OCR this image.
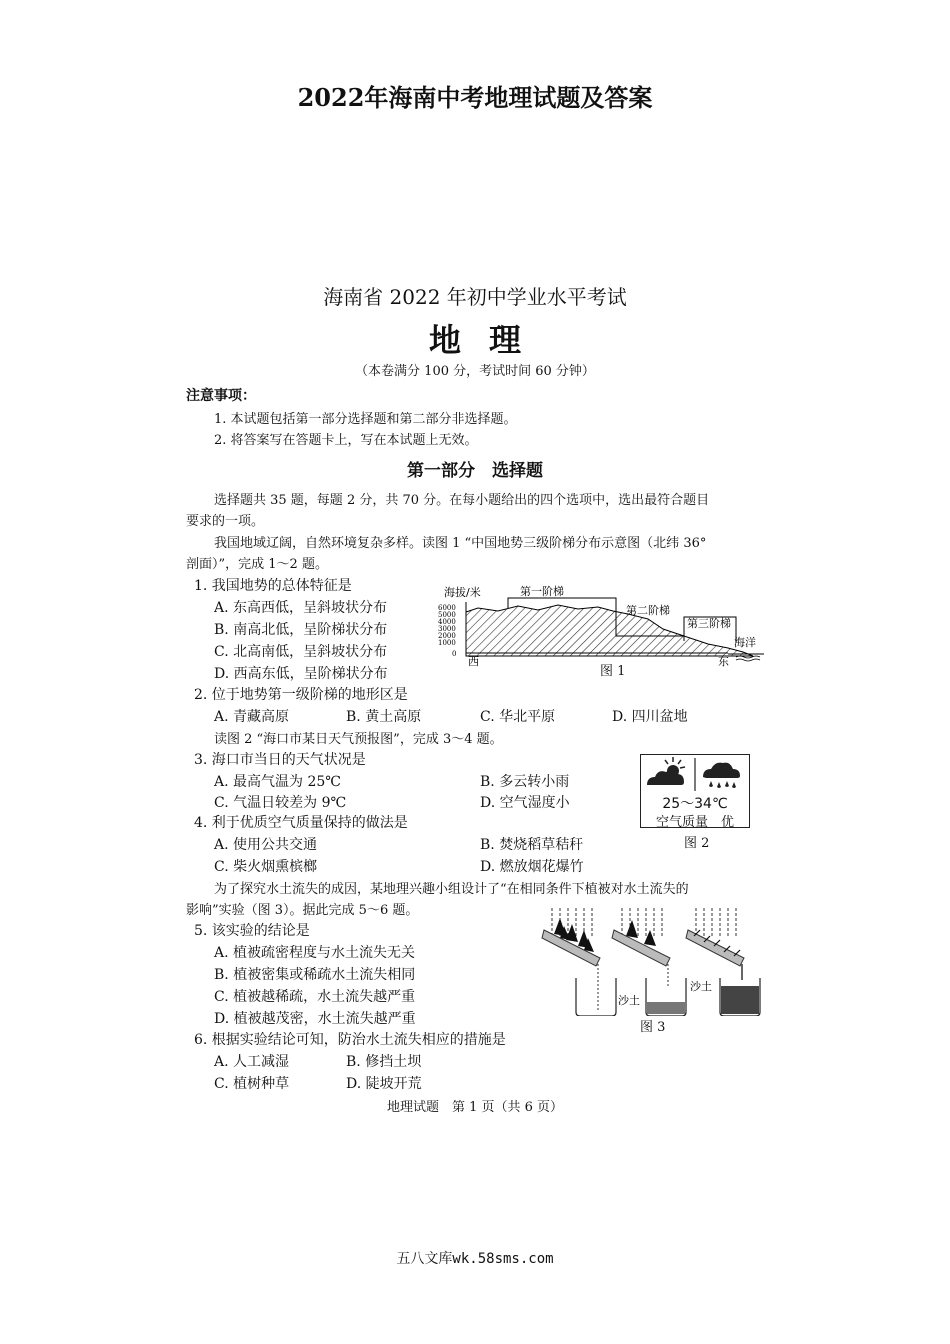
2022年海南中考地理试题及答案
海南省 2022 年初中学业水平考试
地理
（本卷满分 100 分，考试时间 60 分钟）
注意事项：
1. 本试题包括第一部分选择题和第二部分非选择题。
2. 将答案写在答题卡上，写在本试题上无效。
第一部分　选择题
选择题共 35 题，每题 2 分，共 70 分。在每小题给出的四个选项中，选出最符合题目
要求的一项。
我国地域辽阔，自然环境复杂多样。读图 1 “中国地势三级阶梯分布示意图（北纬 36°
剖面）”，完成 1～2 题。
1. 我国地势的总体特征是
A. 东高西低，呈斜坡状分布
B. 南高北低，呈阶梯状分布
C. 北高南低，呈斜坡状分布
D. 西高东低，呈阶梯状分布
海拔/米
6000
5000
4000
3000
2000
1000
0
第一阶梯
第二阶梯
第三阶梯
海洋
西	东
图 1
2. 位于地势第一级阶梯的地形区是
A. 青藏高原	B. 黄土高原	C. 华北平原	D. 四川盆地
读图 2 “海口市某日天气预报图”，完成 3～4 题。
3. 海口市当日的天气状况是
A. 最高气温为 25℃	B. 多云转小雨
C. 气温日较差为 9℃	D. 空气湿度小	25～34℃
空气质量　优
图 2
4. 利于优质空气质量保持的做法是
A. 使用公共交通	B. 焚烧稻草秸秆
C. 柴火烟熏槟榔	D. 燃放烟花爆竹
为了探究水土流失的成因，某地理兴趣小组设计了“在相同条件下植被对水土流失的
影响”实验（图 3）。据此完成 5～6 题。
5. 该实验的结论是
A. 植被疏密程度与水土流失无关
B. 植被密集或稀疏水土流失相同
C. 植被越稀疏，水土流失越严重
D. 植被越茂密，水土流失越严重
沙土
沙土
图 3
6. 根据实验结论可知，防治水土流失相应的措施是
A. 人工减湿	B. 修挡土坝
C. 植树种草	D. 陡坡开荒
地理试题　第 1 页（共 6 页）
五八文库wk.58sms.com
